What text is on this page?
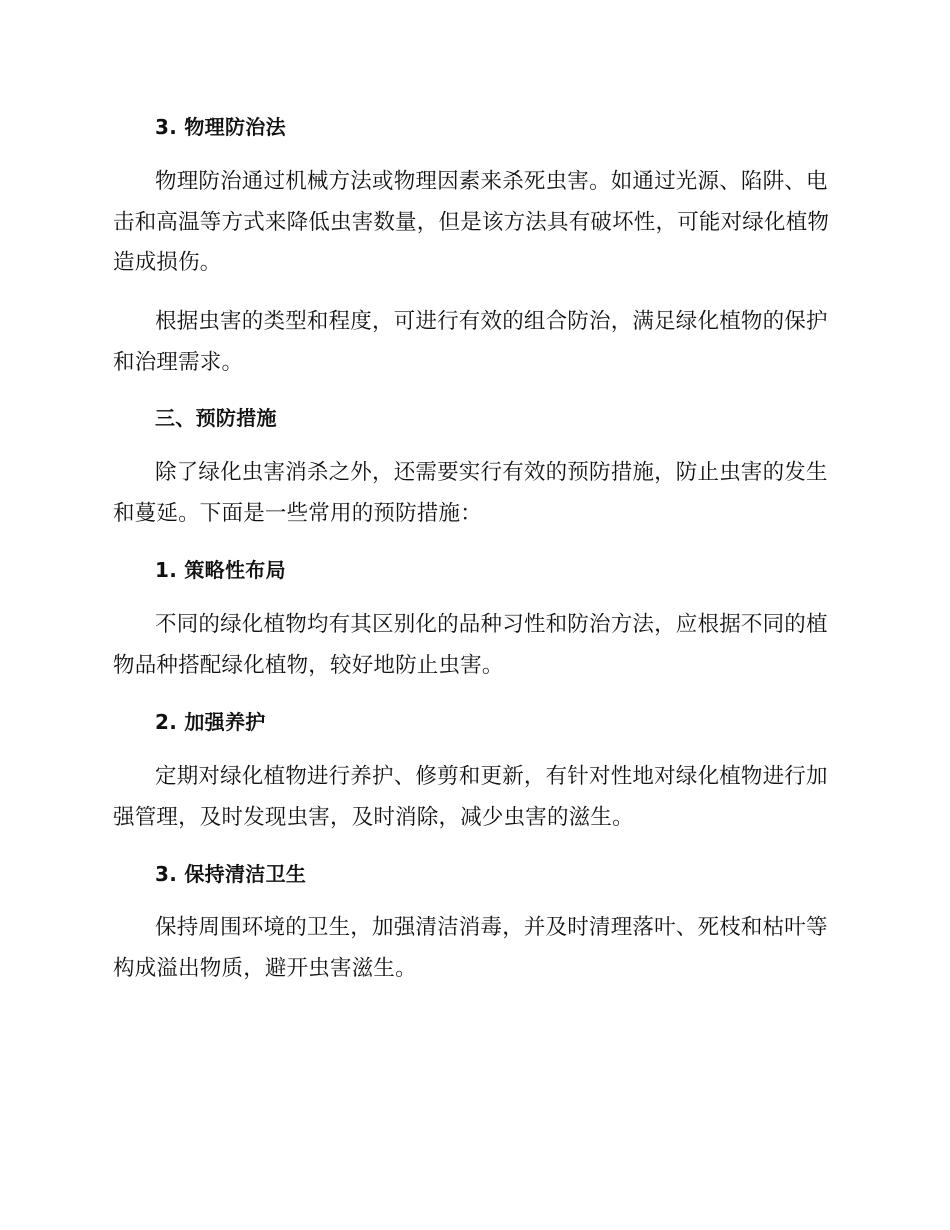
3. 物理防治法
物理防治通过机械方法或物理因素来杀死虫害。如通过光源、陷阱、电
击和高温等方式来降低虫害数量，但是该方法具有破坏性，可能对绿化植物
造成损伤。
根据虫害的类型和程度，可进行有效的组合防治，满足绿化植物的保护
和治理需求。
三、预防措施
除了绿化虫害消杀之外，还需要实行有效的预防措施，防止虫害的发生
和蔓延。下面是一些常用的预防措施：
1. 策略性布局
不同的绿化植物均有其区别化的品种习性和防治方法，应根据不同的植
物品种搭配绿化植物，较好地防止虫害。
2. 加强养护
定期对绿化植物进行养护、修剪和更新，有针对性地对绿化植物进行加
强管理，及时发现虫害，及时消除，减少虫害的滋生。
3. 保持清洁卫生
保持周围环境的卫生，加强清洁消毒，并及时清理落叶、死枝和枯叶等
构成溢出物质，避开虫害滋生。
